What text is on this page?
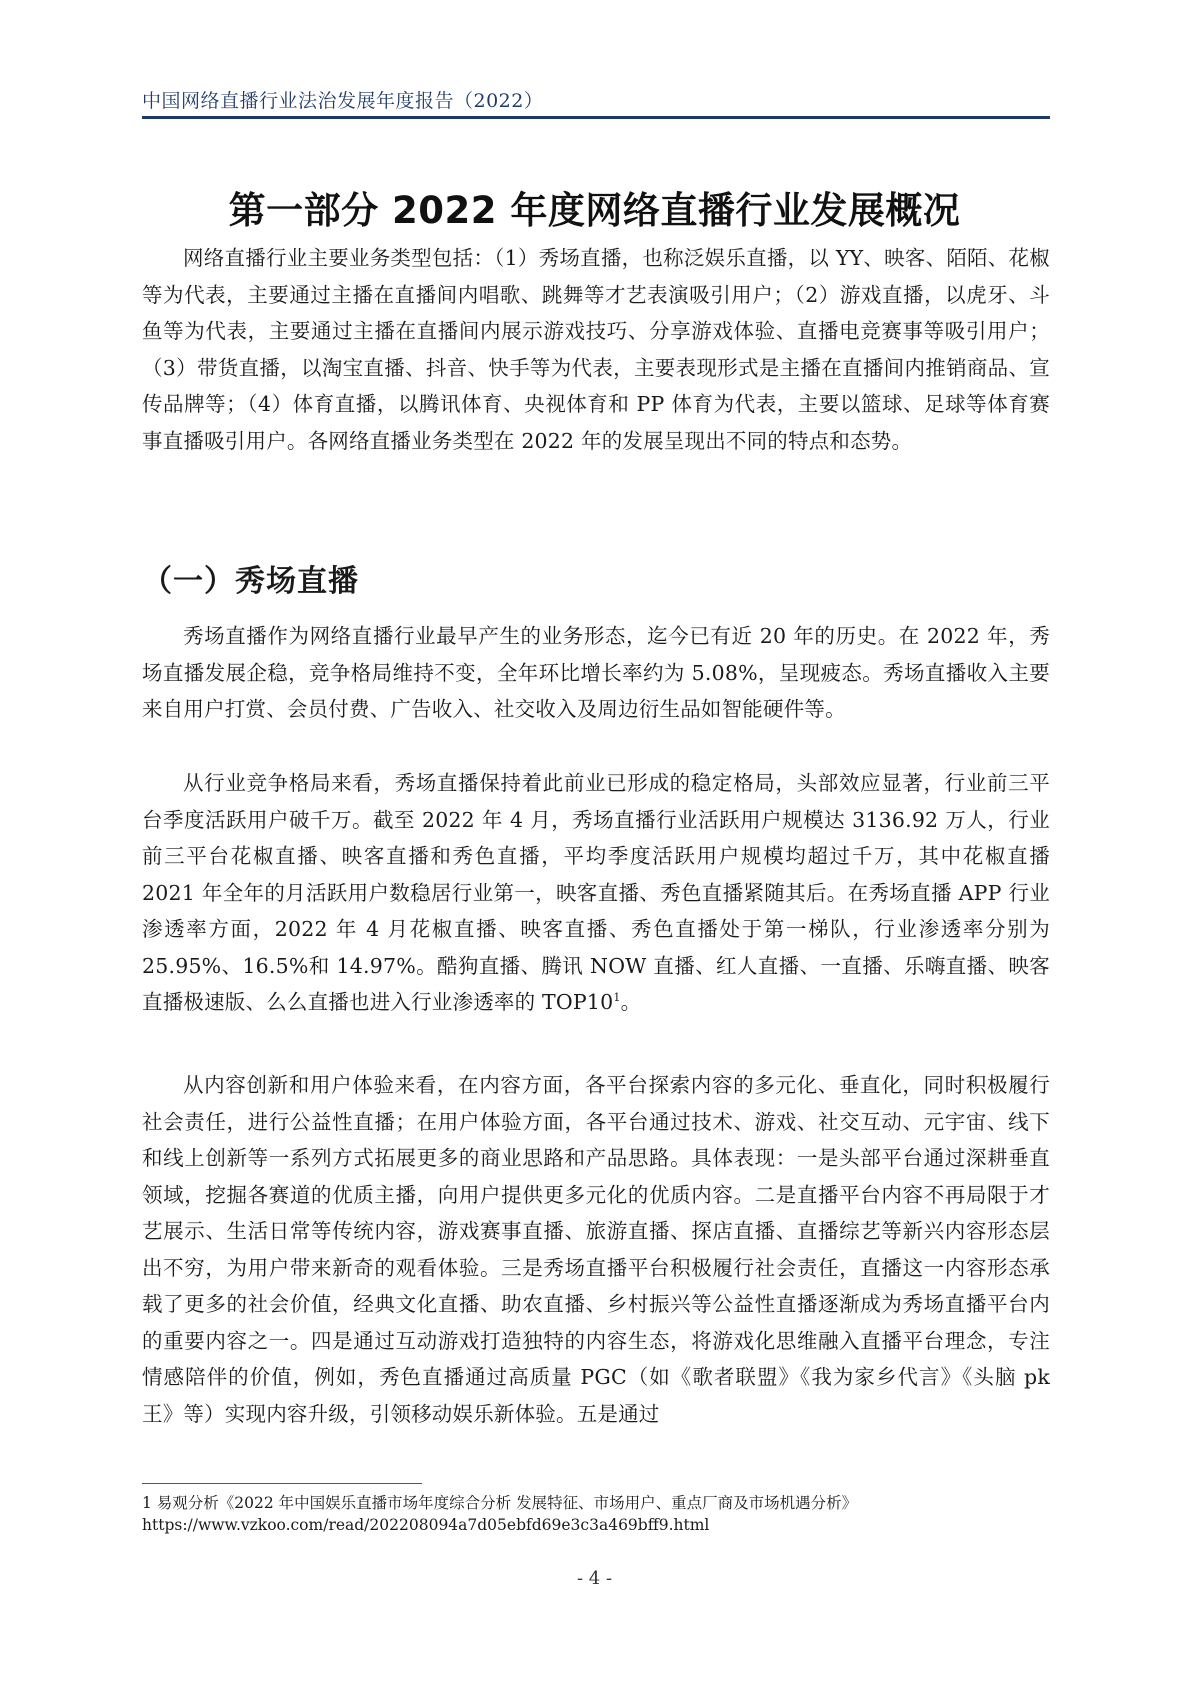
中国网络直播行业法治发展年度报告（2022）
第一部分 2022 年度网络直播行业发展概况

网络直播行业主要业务类型包括：（1）秀场直播，也称泛娱乐直播，以 YY、映客、陌陌、花椒等为代表，主要通过主播在直播间内唱歌、跳舞等才艺表演吸引用户；（2）游戏直播，以虎牙、斗鱼等为代表，主要通过主播在直播间内展示游戏技巧、分享游戏体验、直播电竞赛事等吸引用户；（3）带货直播，以淘宝直播、抖音、快手等为代表，主要表现形式是主播在直播间内推销商品、宣传品牌等；（4）体育直播，以腾讯体育、央视体育和 PP 体育为代表，主要以篮球、足球等体育赛事直播吸引用户。各网络直播业务类型在 2022 年的发展呈现出不同的特点和态势。

（一）秀场直播

秀场直播作为网络直播行业最早产生的业务形态，迄今已有近 20 年的历史。在 2022 年，秀场直播发展企稳，竞争格局维持不变，全年环比增长率约为 5.08%，呈现疲态。秀场直播收入主要来自用户打赏、会员付费、广告收入、社交收入及周边衍生品如智能硬件等。

从行业竞争格局来看，秀场直播保持着此前业已形成的稳定格局，头部效应显著，行业前三平台季度活跃用户破千万。截至 2022 年 4 月，秀场直播行业活跃用户规模达 3136.92 万人，行业前三平台花椒直播、映客直播和秀色直播，平均季度活跃用户规模均超过千万，其中花椒直播 2021 年全年的月活跃用户数稳居行业第一，映客直播、秀色直播紧随其后。在秀场直播 APP 行业渗透率方面，2022 年 4 月花椒直播、映客直播、秀色直播处于第一梯队，行业渗透率分别为 25.95%、16.5%和 14.97%。酷狗直播、腾讯 NOW 直播、红人直播、一直播、乐嗨直播、映客直播极速版、么么直播也进入行业渗透率的 $TOP10^1$。

从内容创新和用户体验来看，在内容方面，各平台探索内容的多元化、垂直化，同时积极履行社会责任，进行公益性直播；在用户体验方面，各平台通过技术、游戏、社交互动、元宇宙、线下和线上创新等一系列方式拓展更多的商业思路和产品思路。具体表现：一是头部平台通过深耕垂直领域，挖掘各赛道的优质主播，向用户提供更多元化的优质内容。二是直播平台内容不再局限于才艺展示、生活日常等传统内容，游戏赛事直播、旅游直播、探店直播、直播综艺等新兴内容形态层出不穷，为用户带来新奇的观看体验。三是秀场直播平台积极履行社会责任，直播这一内容形态承载了更多的社会价值，经典文化直播、助农直播、乡村振兴等公益性直播逐渐成为秀场直播平台内的重要内容之一。四是通过互动游戏打造独特的内容生态，将游戏化思维融入直播平台理念，专注情感陪伴的价值，例如，秀色直播通过高质量 PGC（如《歌者联盟》《我为家乡代言》《头脑 pk 王》等）实现内容升级，引领移动娱乐新体验。五是通过

1 易观分析《2022 年中国娱乐直播市场年度综合分析 发展特征、市场用户、重点厂商及市场机遇分析》
https://www.vzkoo.com/read/202208094a7d05ebfd69e3c3a469bff9.html
- 4 -
